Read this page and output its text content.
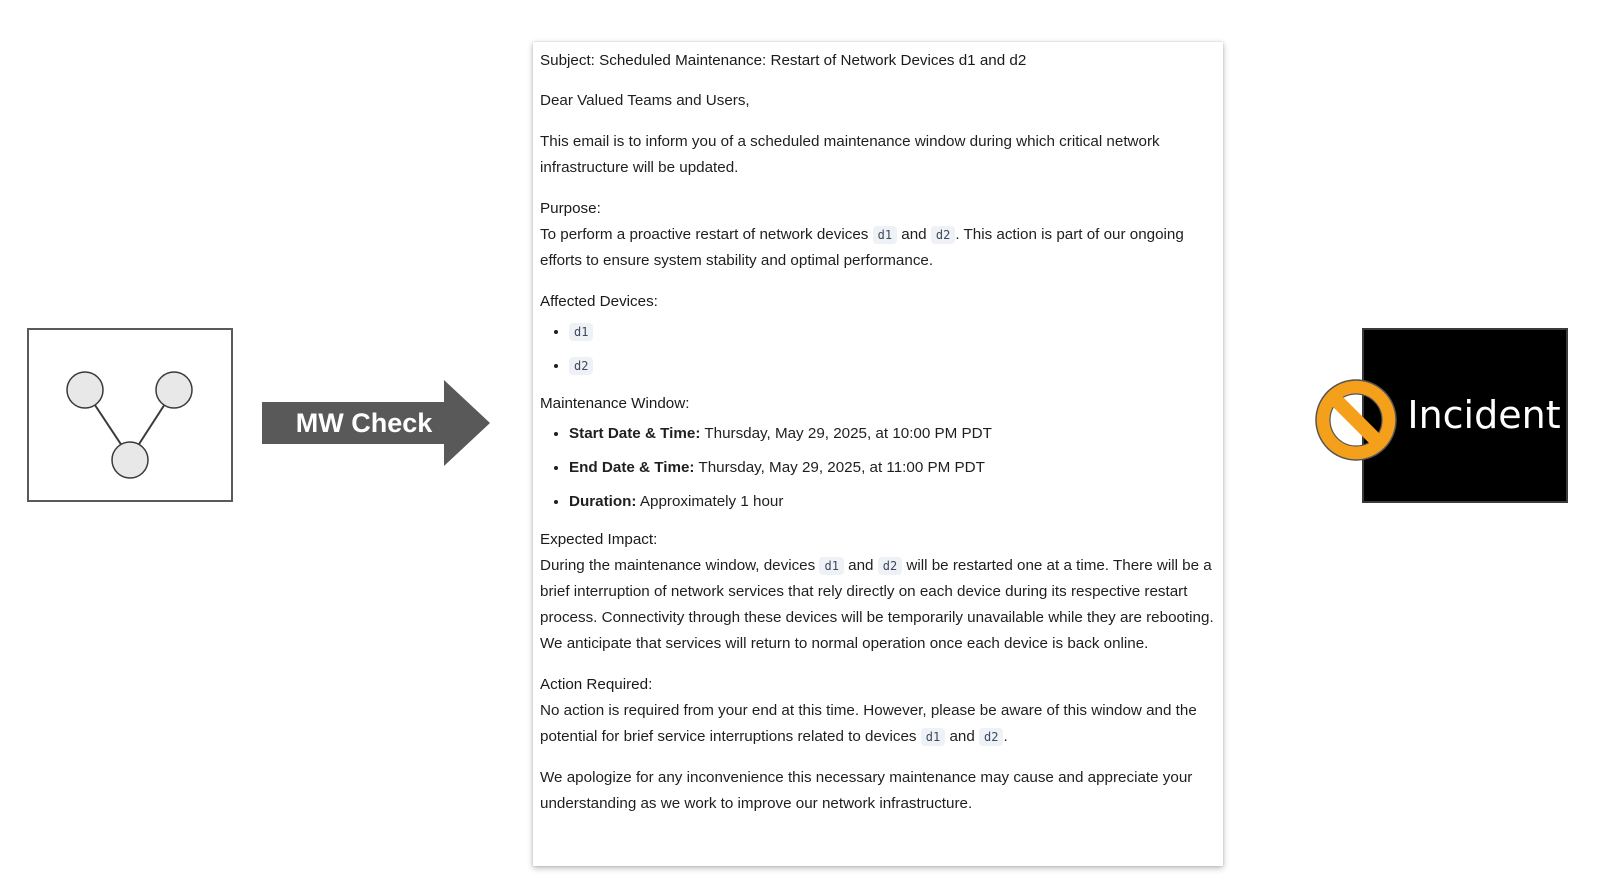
MW Check

Subject: Scheduled Maintenance: Restart of Network Devices d1 and d2

Dear Valued Teams and Users,

This email is to inform you of a scheduled maintenance window during which critical network infrastructure will be updated.

Purpose:
To perform a proactive restart of network devices d1 and d2 . This action is part of our ongoing efforts to ensure system stability and optimal performance.

Affected Devices:
• d1
• d2
Maintenance Window:
• Start Date & Time: Thursday, May 29, 2025, at 10:00 PM PDT
• End Date & Time: Thursday, May 29, 2025, at 11:00 PM PDT
• Duration: Approximately 1 hour

Expected Impact:
During the maintenance window, devices d1 and d2 will be restarted one at a time. There will be a brief interruption of network services that rely directly on each device during its respective restart process. Connectivity through these devices will be temporarily unavailable while they are rebooting. We anticipate that services will return to normal operation once each device is back online.

Action Required:
No action is required from your end at this time. However, please be aware of this window and the potential for brief service interruptions related to devices d1 and d2 .

We apologize for any inconvenience this necessary maintenance may cause and appreciate your understanding as we work to improve our network infrastructure.

Incident
